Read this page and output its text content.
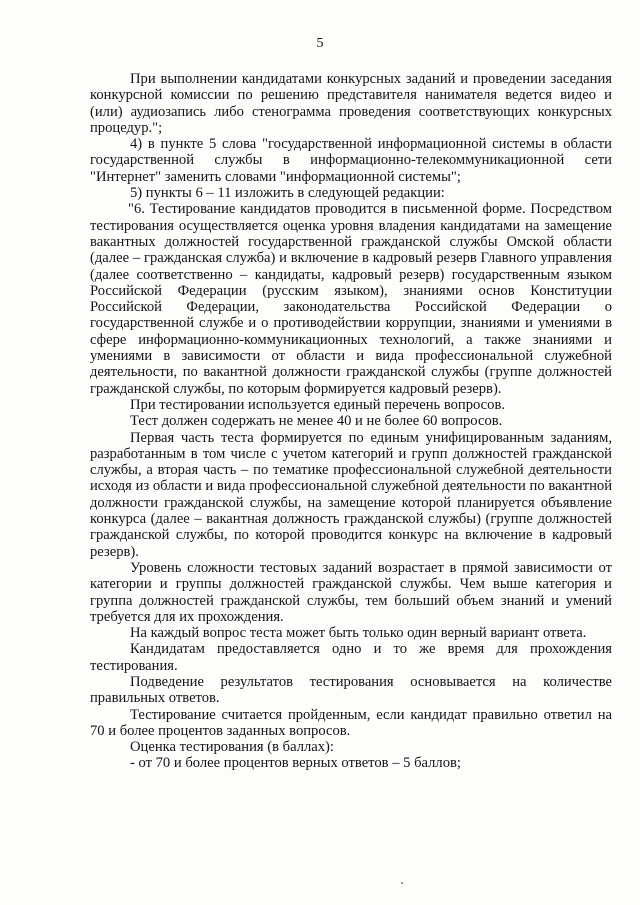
5

При выполнении кандидатами конкурсных заданий и проведении заседания конкурсной комиссии по решению представителя нанимателя ведется видео и (или) аудиозапись либо стенограмма проведения соответствующих конкурсных процедур.";

4) в пункте 5 слова "государственной информационной системы в области государственной службы в информационно-телекоммуникационной сети "Интернет" заменить словами "информационной системы";

5) пункты 6 – 11 изложить в следующей редакции:

"6. Тестирование кандидатов проводится в письменной форме. Посредством тестирования осуществляется оценка уровня владения кандидатами на замещение вакантных должностей государственной гражданской службы Омской области (далее – гражданская служба) и включение в кадровый резерв Главного управления (далее соответственно – кандидаты, кадровый резерв) государственным языком Российской Федерации (русским языком), знаниями основ Конституции Российской Федерации, законодательства Российской Федерации о государственной службе и о противодействии коррупции, знаниями и умениями в сфере информационно-коммуникационных технологий, а также знаниями и умениями в зависимости от области и вида профессиональной служебной деятельности, по вакантной должности гражданской службы (группе должностей гражданской службы, по которым формируется кадровый резерв).

При тестировании используется единый перечень вопросов.

Тест должен содержать не менее 40 и не более 60 вопросов.

Первая часть теста формируется по единым унифицированным заданиям, разработанным в том числе с учетом категорий и групп должностей гражданской службы, а вторая часть – по тематике профессиональной служебной деятельности исходя из области и вида профессиональной служебной деятельности по вакантной должности гражданской службы, на замещение которой планируется объявление конкурса (далее – вакантная должность гражданской службы) (группе должностей гражданской службы, по которой проводится конкурс на включение в кадровый резерв).

Уровень сложности тестовых заданий возрастает в прямой зависимости от категории и группы должностей гражданской службы. Чем выше категория и группа должностей гражданской службы, тем больший объем знаний и умений требуется для их прохождения.

На каждый вопрос теста может быть только один верный вариант ответа.

Кандидатам предоставляется одно и то же время для прохождения тестирования.

Подведение результатов тестирования основывается на количестве правильных ответов.

Тестирование считается пройденным, если кандидат правильно ответил на 70 и более процентов заданных вопросов.

Оценка тестирования (в баллах):

- от 70 и более процентов верных ответов – 5 баллов;
